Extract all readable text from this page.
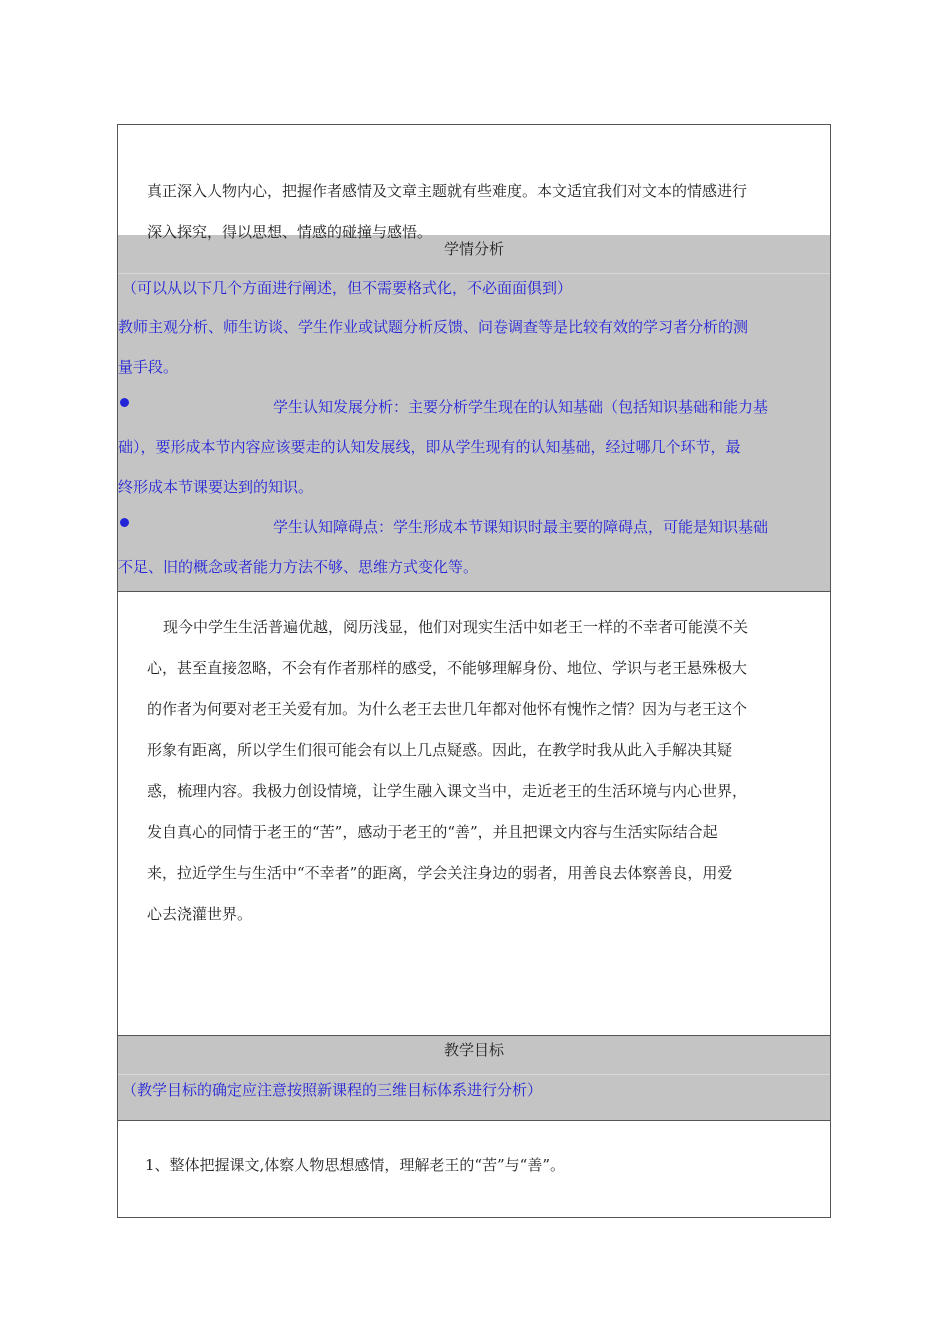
真正深入人物内心，把握作者感情及文章主题就有些难度。本文适宜我们对文本的情感进行
学情分析
（可以从以下几个方面进行阐述，但不需要格式化，不必面面俱到）
教师主观分析、师生访谈、学生作业或试题分析反馈、问卷调查等是比较有效的学习者分析的测
量手段。
学生认知发展分析：主要分析学生现在的认知基础（包括知识基础和能力基
础），要形成本节内容应该要走的认知发展线，即从学生现有的认知基础，经过哪几个环节，最
终形成本节课要达到的知识。
学生认知障碍点：学生形成本节课知识时最主要的障碍点，可能是知识基础
不足、旧的概念或者能力方法不够、思维方式变化等。
深入探究，得以思想、情感的碰撞与感悟。
现今中学生生活普遍优越，阅历浅显，他们对现实生活中如老王一样的不幸者可能漠不关
心，甚至直接忽略，不会有作者那样的感受，不能够理解身份、地位、学识与老王悬殊极大
的作者为何要对老王关爱有加。为什么老王去世几年都对他怀有愧怍之情？因为与老王这个
形象有距离，所以学生们很可能会有以上几点疑惑。因此，在教学时我从此入手解决其疑
惑，梳理内容。我极力创设情境，让学生融入课文当中，走近老王的生活环境与内心世界，
发自真心的同情于老王的“苦”，感动于老王的“善”，并且把课文内容与生活实际结合起
来，拉近学生与生活中“不幸者”的距离，学会关注身边的弱者，用善良去体察善良，用爱
心去浇灌世界。
教学目标
（教学目标的确定应注意按照新课程的三维目标体系进行分析）
1、整体把握课文,体察人物思想感情，理解老王的“苦”与“善”。
